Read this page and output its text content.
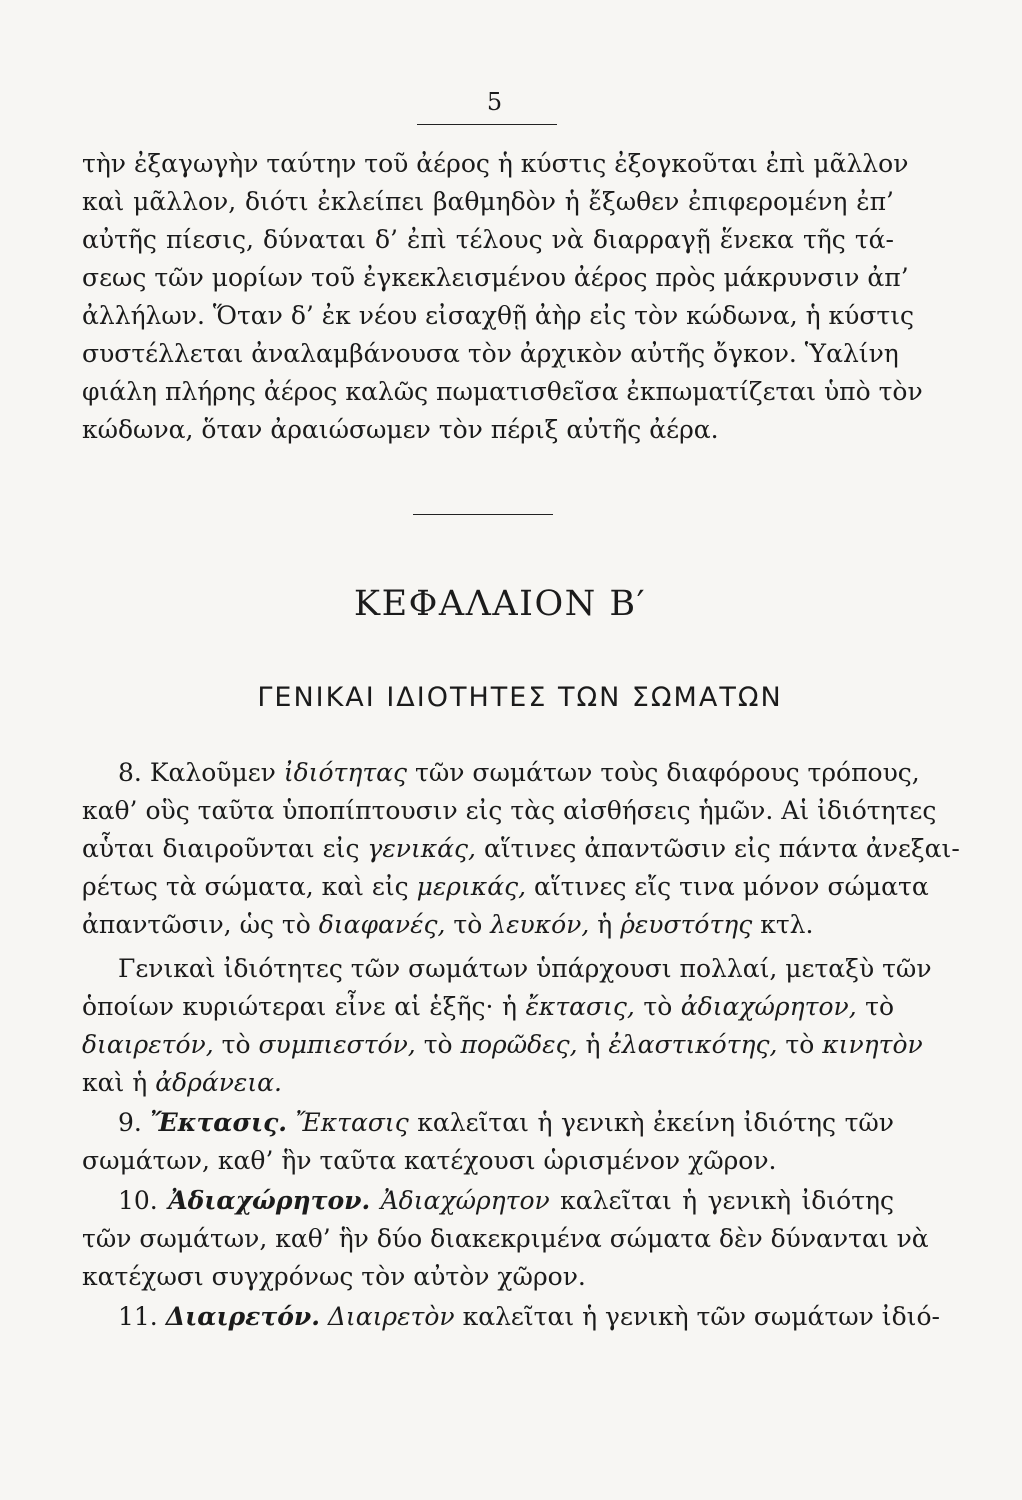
5
τὴν ἐξαγωγὴν ταύτην τοῦ ἀέρος ἡ κύστις ἐξογκοῦται ἐπὶ μᾶλλον
καὶ μᾶλλον, διότι ἐκλείπει βαθμηδὸν ἡ ἔξωθεν ἐπιφερομένη ἐπ’
αὐτῆς πίεσις, δύναται δ’ ἐπὶ τέλους νὰ διαρραγῇ ἕνεκα τῆς τά-
σεως τῶν μορίων τοῦ ἐγκεκλεισμένου ἀέρος πρὸς μάκρυνσιν ἀπ’
ἀλλήλων. Ὅταν δ’ ἐκ νέου εἰσαχθῇ ἀὴρ εἰς τὸν κώδωνα, ἡ κύστις
συστέλλεται ἀναλαμβάνουσα τὸν ἀρχικὸν αὐτῆς ὄγκον. Ὑαλίνη
φιάλη πλήρης ἀέρος καλῶς πωματισθεῖσα ἐκπωματίζεται ὑπὸ τὸν
κώδωνα, ὅταν ἀραιώσωμεν τὸν πέριξ αὐτῆς ἀέρα.
ΚΕΦΑΛΑΙΟΝ Β′
ΓΕΝΙΚΑΙ ΙΔΙΟΤΗΤΕΣ ΤΩΝ ΣΩΜΑΤΩΝ
8. Καλοῦμεν ἰδιότητας τῶν σωμάτων τοὺς διαφόρους τρόπους,
καθ’ οὓς ταῦτα ὑποπίπτουσιν εἰς τὰς αἰσθήσεις ἡμῶν. Αἱ ἰδιότητες
αὗται διαιροῦνται εἰς γενικάς, αἵτινες ἀπαντῶσιν εἰς πάντα ἀνεξαι-
ρέτως τὰ σώματα, καὶ εἰς μερικάς, αἵτινες εἴς τινα μόνον σώματα
ἀπαντῶσιν, ὡς τὸ διαφανές, τὸ λευκόν, ἡ ῥευστότης κτλ.
Γενικαὶ ἰδιότητες τῶν σωμάτων ὑπάρχουσι πολλαί, μεταξὺ τῶν
ὁποίων κυριώτεραι εἶνε αἱ ἑξῆς· ἡ ἔκτασις, τὸ ἀδιαχώρητον, τὸ
διαιρετόν, τὸ συμπιεστόν, τὸ πορῶδες, ἡ ἐλαστικότης, τὸ κινητὸν
καὶ ἡ ἀδράνεια.
9. Ἔκτασις. Ἔκτασις καλεῖται ἡ γενικὴ ἐκείνη ἰδιότης τῶν
σωμάτων, καθ’ ἣν ταῦτα κατέχουσι ὡρισμένον χῶρον.
10. Ἀδιαχώρητον. Ἀδιαχώρητον καλεῖται ἡ γενικὴ ἰδιότης
τῶν σωμάτων, καθ’ ἣν δύο διακεκριμένα σώματα δὲν δύνανται νὰ
κατέχωσι συγχρόνως τὸν αὐτὸν χῶρον.
11. Διαιρετόν. Διαιρετὸν καλεῖται ἡ γενικὴ τῶν σωμάτων ἰδιό-
